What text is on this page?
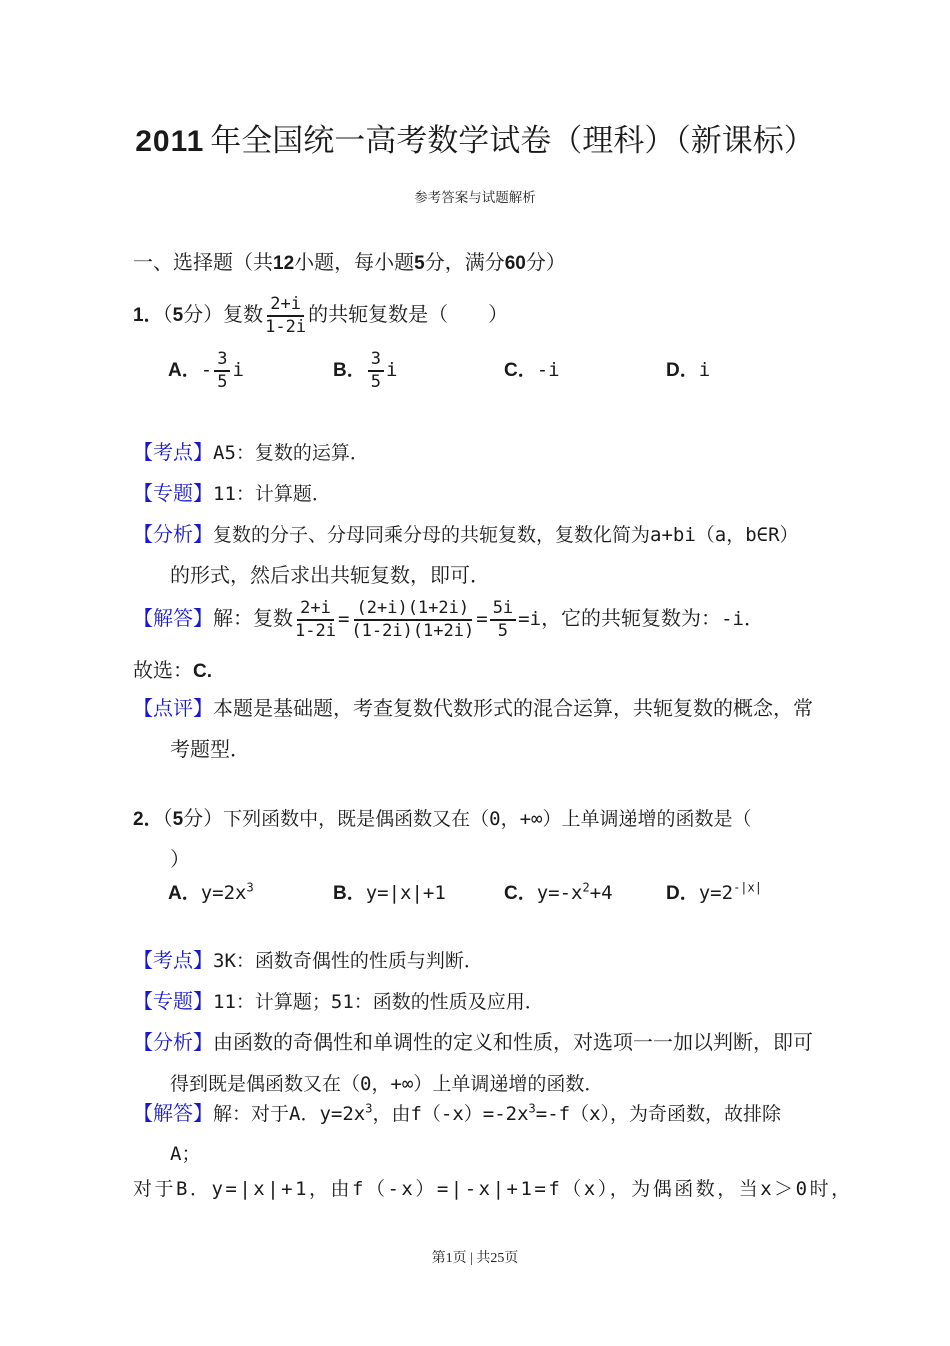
2011 年全国统一高考数学试卷（理科）（新课标）
参考答案与试题解析
一、选择题（共12小题，每小题5分，满分60分）
1．（5分）复数 $\frac{2+i}{1-2i}$ 的共轭复数是（　　）
A．- $\frac{3}{5}$ i	B． $\frac{3}{5}$ i	C．-i	D．i
【考点】A5：复数的运算．
【专题】11：计算题．
【分析】复数的分子、分母同乘分母的共轭复数，复数化简为a+bi（a，b∈R）
的形式，然后求出共轭复数，即可．
【解答】解：复数 $\frac{2+i}{1-2i} = \frac{(2+i)(1+2i)}{(1-2i)(1+2i)} = \frac{5i}{5} =i$，它的共轭复数为：-i．
故选：C.
【点评】本题是基础题，考查复数代数形式的混合运算，共轭复数的概念，常
考题型．
2．（5分）下列函数中，既是偶函数又在（0，+∞）上单调递增的函数是（
）
A．$y=2x^3$	B．y=|x|+1	C．$y=-x^2+4$	D．$y=2^{-|x|}$
【考点】3K：函数奇偶性的性质与判断．
【专题】11：计算题；51：函数的性质及应用．
【分析】由函数的奇偶性和单调性的定义和性质，对选项一一加以判断，即可
得到既是偶函数又在（0，+∞）上单调递增的函数．
【解答】解：对于A．$y=2x^3$，由$f(-x)=-2x^3=-f(x)$，为奇函数，故排除
A；
对于B．y=|x|+1，由f（-x）=|-x|+1=f（x），为偶函数，当x＞0时，
第1页 | 共25页
